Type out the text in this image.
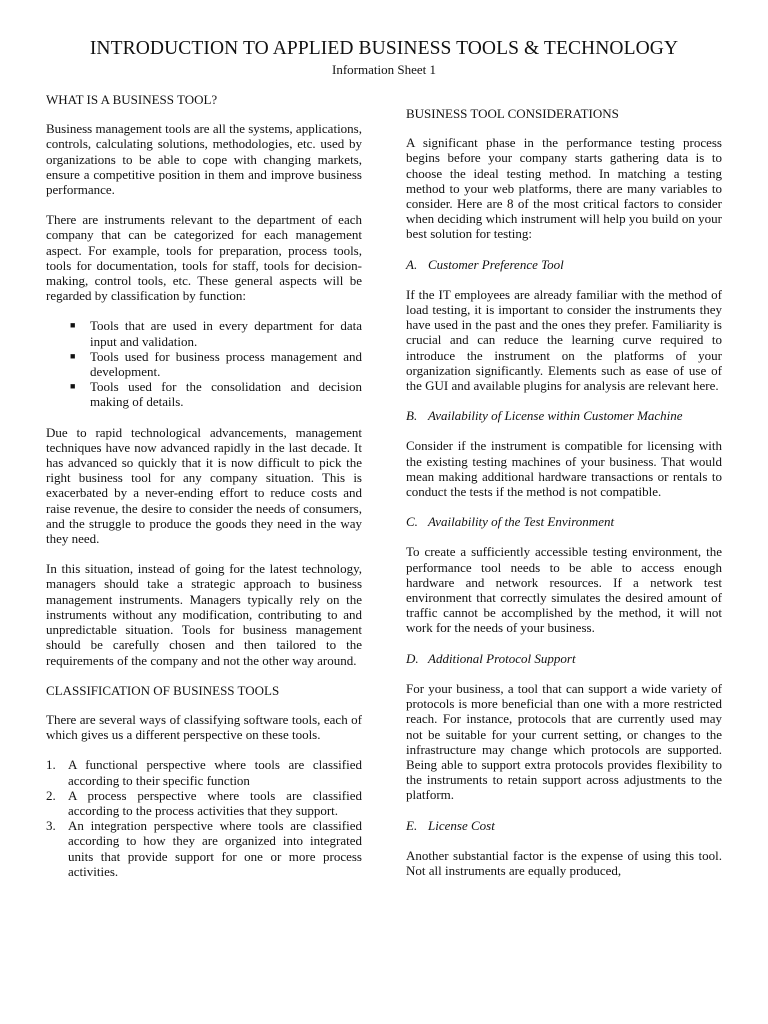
INTRODUCTION TO APPLIED BUSINESS TOOLS & TECHNOLOGY
Information Sheet 1
WHAT IS A BUSINESS TOOL?

Business management tools are all the systems, applications, controls, calculating solutions, methodologies, etc. used by organizations to be able to cope with changing markets, ensure a competitive position in them and improve business performance.

There are instruments relevant to the department of each company that can be categorized for each management aspect. For example, tools for preparation, process tools, tools for documentation, tools for staff, tools for decision-making, control tools, etc. These general aspects will be regarded by classification by function:

■	Tools that are used in every department for data input and validation.
■	Tools used for business process management and development.
■	Tools used for the consolidation and decision making of details.

Due to rapid technological advancements, management techniques have now advanced rapidly in the last decade. It has advanced so quickly that it is now difficult to pick the right business tool for any company situation. This is exacerbated by a never-ending effort to reduce costs and raise revenue, the desire to consider the needs of consumers, and the struggle to produce the goods they need in the way they need.

In this situation, instead of going for the latest technology, managers should take a strategic approach to business management instruments. Managers typically rely on the instruments without any modification, contributing to and unpredictable situation. Tools for business management should be carefully chosen and then tailored to the requirements of the company and not the other way around.

CLASSIFICATION OF BUSINESS TOOLS

There are several ways of classifying software tools, each of which gives us a different perspective on these tools.

1. A functional perspective where tools are classified according to their specific function
2. A process perspective where tools are classified according to the process activities that they support.
3. An integration perspective where tools are classified according to how they are organized into integrated units that provide support for one or more process activities.
BUSINESS TOOL CONSIDERATIONS

A significant phase in the performance testing process begins before your company starts gathering data is to choose the ideal testing method. In matching a testing method to your web platforms, there are many variables to consider. Here are 8 of the most critical factors to consider when deciding which instrument will help you build on your best solution for testing:

A. Customer Preference Tool

If the IT employees are already familiar with the method of load testing, it is important to consider the instruments they have used in the past and the ones they prefer. Familiarity is crucial and can reduce the learning curve required to introduce the instrument on the platforms of your organization significantly. Elements such as ease of use of the GUI and available plugins for analysis are relevant here.

B. Availability of License within Customer Machine

Consider if the instrument is compatible for licensing with the existing testing machines of your business. That would mean making additional hardware transactions or rentals to conduct the tests if the method is not compatible.

C. Availability of the Test Environment

To create a sufficiently accessible testing environment, the performance tool needs to be able to access enough hardware and network resources. If a network test environment that correctly simulates the desired amount of traffic cannot be accomplished by the method, it will not work for the needs of your business.

D. Additional Protocol Support

For your business, a tool that can support a wide variety of protocols is more beneficial than one with a more restricted reach. For instance, protocols that are currently used may not be suitable for your current setting, or changes to the infrastructure may change which protocols are supported. Being able to support extra protocols provides flexibility to the instruments to retain support across adjustments to the platform.

E. License Cost

Another substantial factor is the expense of using this tool. Not all instruments are equally produced,
